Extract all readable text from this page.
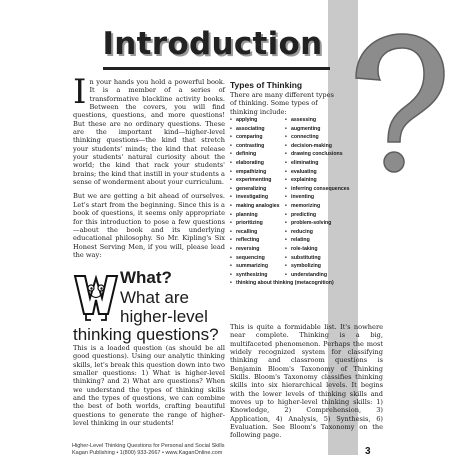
Introduction

I n your hands you hold a powerful book. It is a member of a series of transformative blackline activity books. Between the covers, you will find questions, questions, and more questions! But these are no ordinary questions. These are the important kind—higher-level thinking questions—the kind that stretch your students' minds; the kind that release your students' natural curiosity about the world; the kind that rack your students' brains; the kind that instill in your students a sense of wonderment about your curriculum.

But we are getting a bit ahead of ourselves. Let's start from the beginning. Since this is a book of questions, it seems only appropriate for this introduction to pose a few questions—about the book and its underlying educational philosophy. So Mr. Kipling's Six Honest Serving Men, if you will, please lead the way:

What?
What are
higher-level
thinking questions?

This is a loaded question (as should be all good questions). Using our analytic thinking skills, let's break this question down into two smaller questions: 1) What is higher-level thinking? and 2) What are questions? When we understand the types of thinking skills and the types of questions, we can combine the best of both worlds, crafting beautiful questions to generate the range of higher-level thinking in our students!

Types of Thinking
There are many different types of thinking. Some types of thinking include:
• applying
• associating
• comparing
• contrasting
• defining
• elaborating
• empathizing
• experimenting
• generalizing
• investigating
• making analogies
• planning
• prioritizing
• recalling
• reflecting
• reversing
• sequencing
• summarizing
• synthesizing
• assessing
• augmenting
• connecting
• decision-making
• drawing conclusions
• eliminating
• evaluating
• explaining
• inferring consequences
• inventing
• memorizing
• predicting
• problem-solving
• reducing
• relating
• role-taking
• substituting
• symbolizing
• understanding
• thinking about thinking (metacognition)

This is quite a formidable list. It's nowhere near complete. Thinking is a big, multifaceted phenomenon. Perhaps the most widely recognized system for classifying thinking and classroom questions is Benjamin Bloom's Taxonomy of Thinking Skills. Bloom's Taxonomy classifies thinking skills into six hierarchical levels. It begins with the lower levels of thinking skills and moves up to higher-level thinking skills: 1) Knowledge, 2) Comprehension, 3) Application, 4) Analysis, 5) Synthesis, 6) Evaluation. See Bloom's Taxonomy on the following page.

Higher-Level Thinking Questions for Personal and Social Skills
Kagan Publishing • 1(800) 933-2667 • www.KaganOnline.com	3
